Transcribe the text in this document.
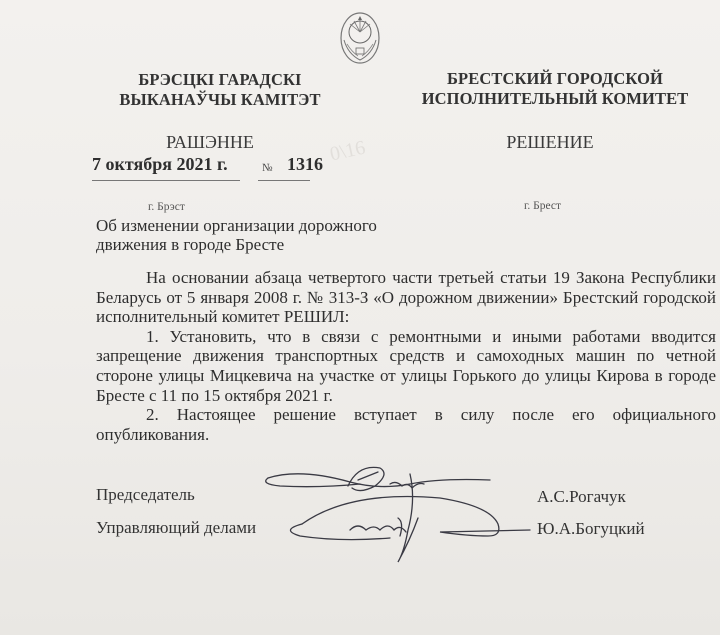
БРЭСЦКІ ГАРАДСКІ
ВЫКАНАЎЧЫ КАМІТЭТ
БРЕСТСКИЙ ГОРОДСКОЙ
ИСПОЛНИТЕЛЬНЫЙ КОМИТЕТ
РАШЭННЕ	РЕШЕНИЕ
0\16
7 октября 2021 г.	№ 1316
г. Брэст	г. Брест
Об изменении организации дорожного
движения в городе Бресте

На основании абзаца четвертого части третьей статьи 19 Закона Республики Беларусь от 5 января 2008 г. № 313-З «О дорожном движении» Брестский городской исполнительный комитет РЕШИЛ:

1. Установить, что в связи с ремонтными и иными работами вводится запрещение движения транспортных средств и самоходных машин по четной стороне улицы Мицкевича на участке от улицы Горького до улицы Кирова в городе Бресте с 11 по 15 октября 2021 г.

2. Настоящее решение вступает в силу после его официального опубликования.

Председатель	А.С.Рогачук
Управляющий делами	Ю.А.Богуцкий
